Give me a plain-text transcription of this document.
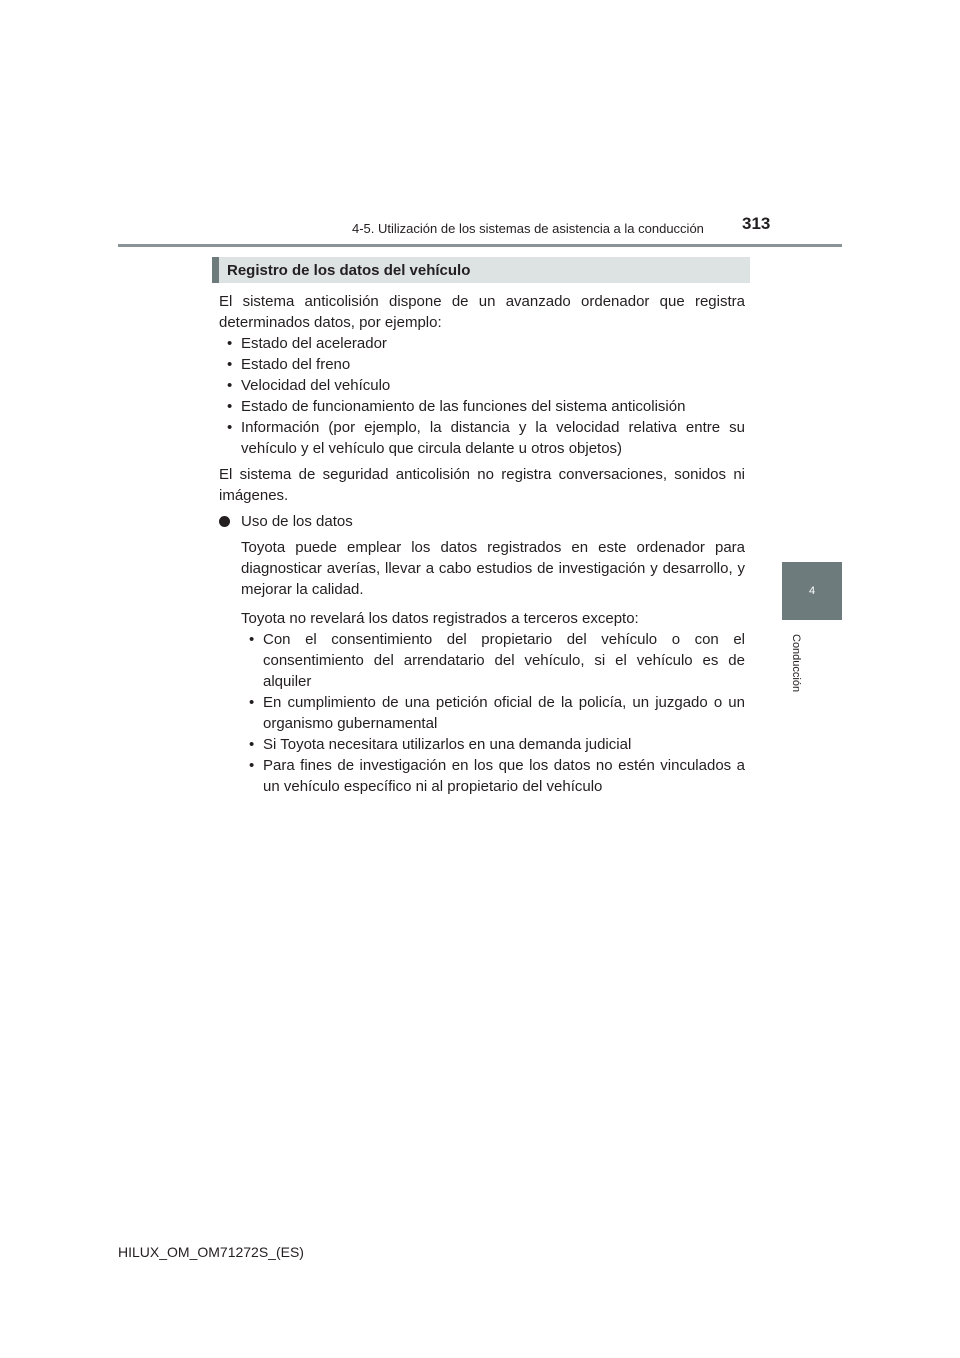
4-5. Utilización de los sistemas de asistencia a la conducción 313
4
Conducción
Registro de los datos del vehículo

El sistema anticolisión dispone de un avanzado ordenador que registra determinados datos, por ejemplo:

• Estado del acelerador
• Estado del freno
• Velocidad del vehículo
• Estado de funcionamiento de las funciones del sistema anticolisión
• Información (por ejemplo, la distancia y la velocidad relativa entre su vehículo y el vehículo que circula delante u otros objetos)

El sistema de seguridad anticolisión no registra conversaciones, sonidos ni imágenes.

Uso de los datos

Toyota puede emplear los datos registrados en este ordenador para diagnosticar averías, llevar a cabo estudios de investigación y desarrollo, y mejorar la calidad.

Toyota no revelará los datos registrados a terceros excepto:

• Con el consentimiento del propietario del vehículo o con el consentimiento del arrendatario del vehículo, si el vehículo es de alquiler
• En cumplimiento de una petición oficial de la policía, un juzgado o un organismo gubernamental
• Si Toyota necesitara utilizarlos en una demanda judicial
• Para fines de investigación en los que los datos no estén vinculados a un vehículo específico ni al propietario del vehículo
HILUX_OM_OM71272S_(ES)
